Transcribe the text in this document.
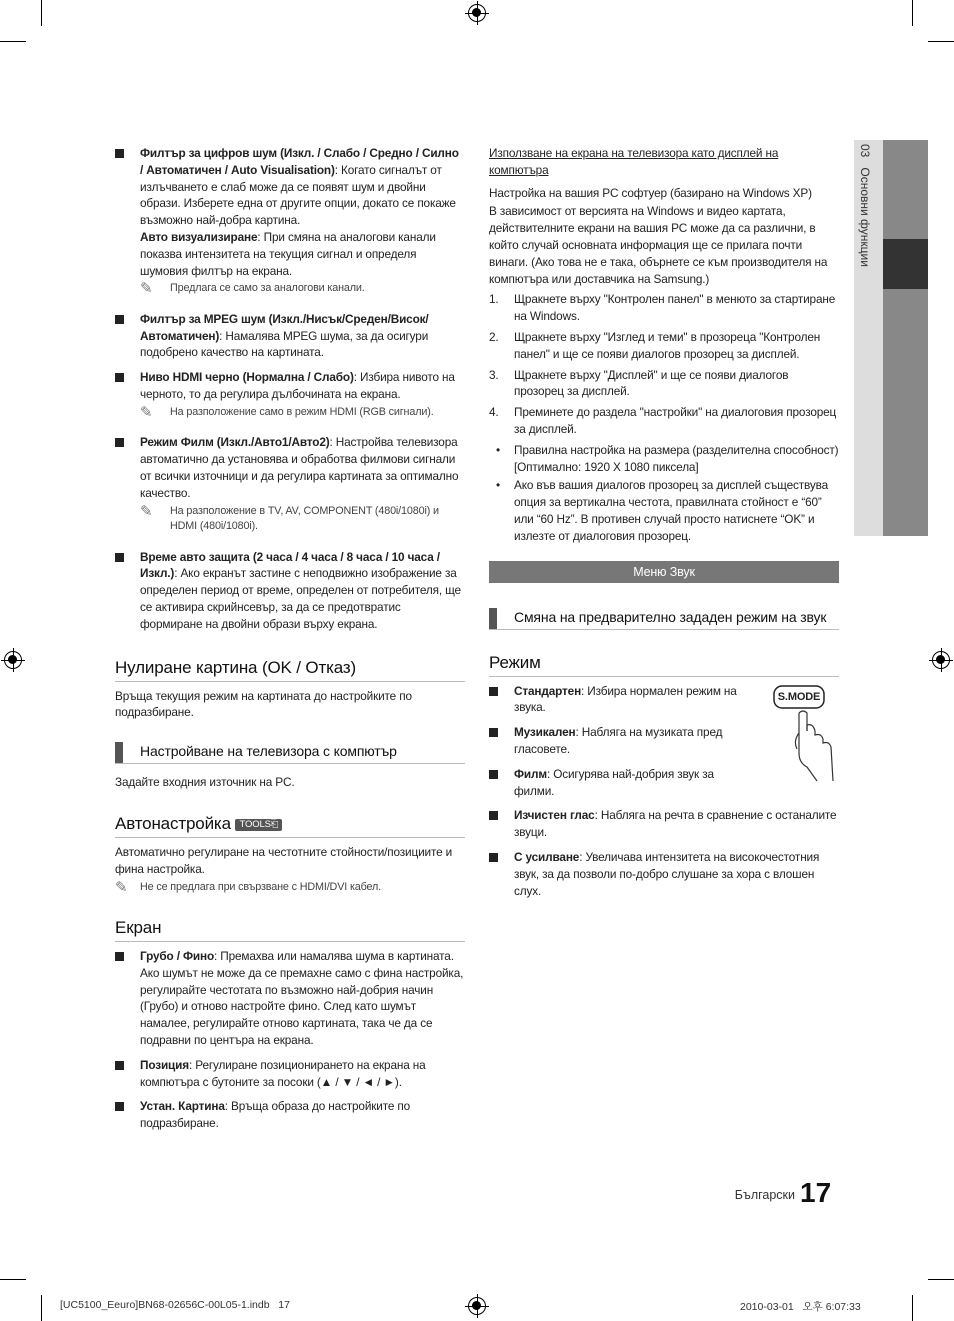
03   Основни функции

Филтър за цифров шум (Изкл. / Слабо / Средно / Силно / Автоматичен / Auto Visualisation): Когато сигналът от излъчването е слаб може да се появят шум и двойни образи. Изберете една от другите опции, докато се покаже възможно най-добра картина.

Авто визуализиране: При смяна на аналогови канали показва интензитета на текущия сигнал и определя шумовия филтър на екрана.

✎ Предлага се само за аналогови канали.

Филтър за MPEG шум (Изкл./Нисък/Среден/Висок/ Автоматичен): Намалява MPEG шума, за да осигури подобрено качество на картината.

Ниво HDMI черно (Нормална / Слабо): Избира нивото на черното, то да регулира дълбочината на екрана.

✎ На разположение само в режим HDMI (RGB сигнали).

Режим Филм (Изкл./Авто1/Авто2): Настройва телевизора автоматично да установява и обработва филмови сигнали от всички източници и да регулира картината за оптимално качество.

✎ На разположение в TV, AV, COMPONENT (480i/1080i) и HDMI (480i/1080i).

Време авто защита (2 часа / 4 часа / 8 часа / 10 часа / Изкл.): Ако екранът застине с неподвижно изображение за определен период от време, определен от потребителя, ще се активира скрийнсевър, за да се предотвратис формиране на двойни образи върху екрана.

Нулиране картина (OK / Отказ)

Връща текущия режим на картината до настройките по подразбиране.

Настройване на телевизора с компютър

Задайте входния източник на PC.

Автонастройка TOOLS⎗

Автоматично регулиране на честотните стойности/позициите и фина настройка.

✎ Не се предлага при свързване с HDMI/DVI кабел.
Екран

Грубо / Фино: Премахва или намалява шума в картината. Ако шумът не може да се премахне само с фина настройка, регулирайте честотата по възможно най-добрия начин (Грубо) и отново настройте фино. След като шумът намалее, регулирайте отново картината, така че да се подравни по центъра на екрана.

Позиция: Регулиране позиционирането на екрана на компютъра с бутоните за посоки (▲ / ▼ / ◄ / ►).

Устан. Картина: Връща образа до настройките по подразбиране.

Използване на екрана на телевизора като дисплей на компютъра

Настройка на вашия PC софтуер (базирано на Windows XP)

В зависимост от версията на Windows и видео картата, действителните екрани на вашия PC може да са различни, в който случай основната информация ще се прилага почти винаги. (Ако това не е така, обърнете се към производителя на компютъра или доставчика на Samsung.)

1. Щракнете върху "Контролен панел" в менюто за стартиране на Windows.
2. Щракнете върху "Изглед и теми" в прозореца "Контролен панел" и ще се появи диалогов прозорец за дисплей.
3. Щракнете върху "Дисплей" и ще се появи диалогов прозорец за дисплей.
4. Преминете до раздела "настройки" на диалоговия прозорец за дисплей.
• Правилна настройка на размера (разделителна способност) [Оптимално: 1920 X 1080 пиксела]
• Ако във вашия диалогов прозорец за дисплей съществува опция за вертикална честота, правилната стойност е “60” или “60 Hz”. В противен случай просто натиснете “OK” и излезте от диалоговия прозорец.
Меню Звук
Смяна на предварително зададен режим на звук
Режим
S.MODE

Стандартен: Избира нормален режим на звука.

Музикален: Наблягa на музиката пред гласовете.

Филм: Осигурява най-добрия звук за филми.

Изчистен глас: Наблягa на речта в сравнение с останалите звуци.

С усилване: Увеличава интензитета на високочестотния звук, за да позволи по-добро слушане за хора с влошен слух.

Български 17
[UC5100_Eeuro]BN68-02656C-00L05-1.indb   17	2010-03-01 오후 6:07:33
